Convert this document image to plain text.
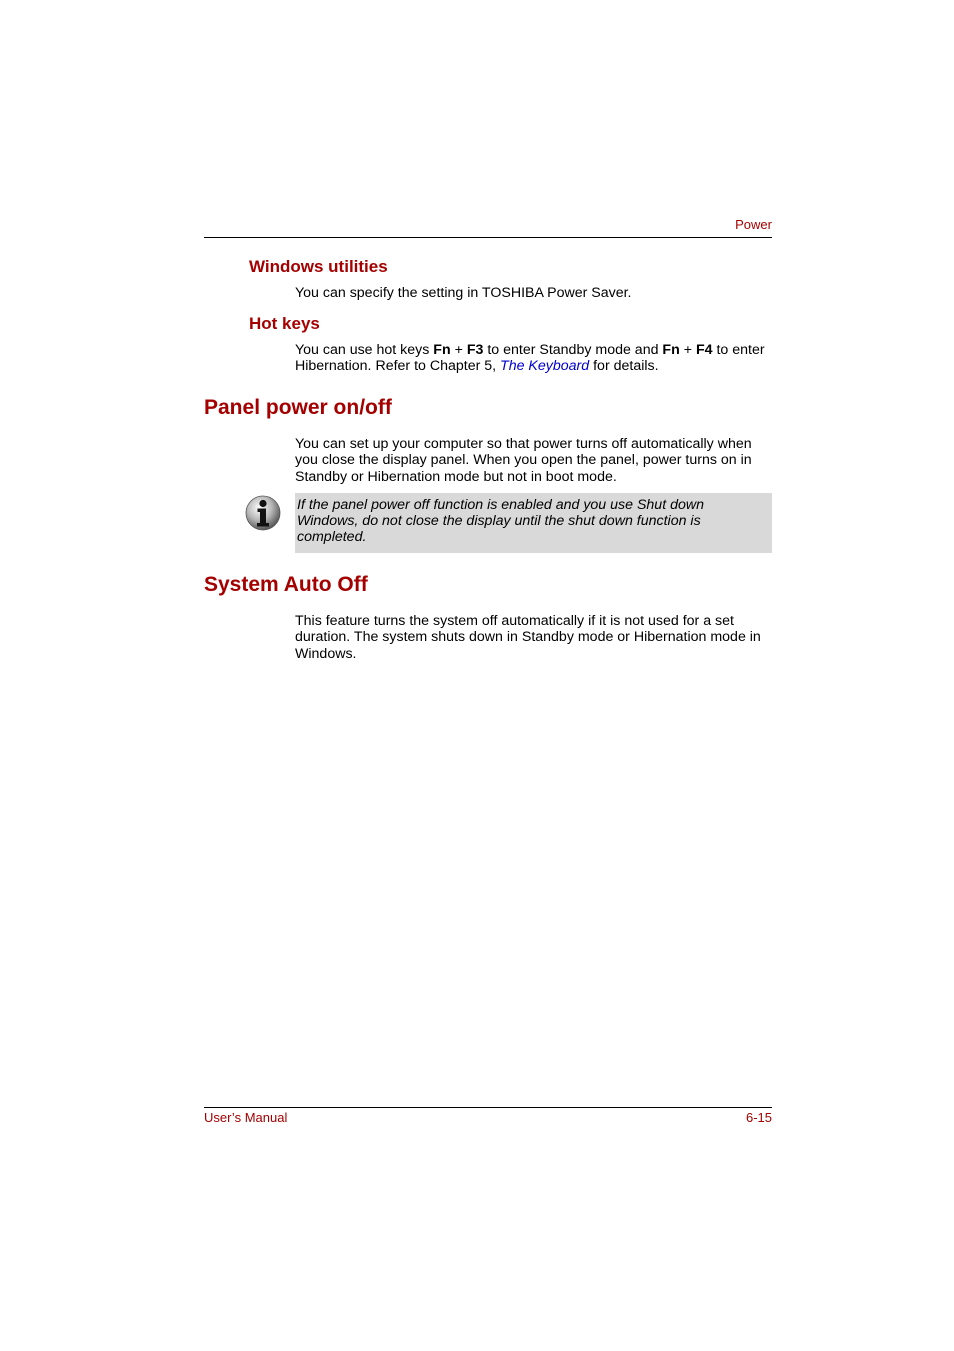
Power
Windows utilities

You can specify the setting in TOSHIBA Power Saver.

Hot keys

You can use hot keys Fn + F3 to enter Standby mode and Fn + F4 to enter Hibernation. Refer to Chapter 5, The Keyboard for details.

Panel power on/off

You can set up your computer so that power turns off automatically when you close the display panel. When you open the panel, power turns on in Standby or Hibernation mode but not in boot mode.

If the panel power off function is enabled and you use Shut down Windows, do not close the display until the shut down function is completed.

System Auto Off

This feature turns the system off automatically if it is not used for a set duration. The system shuts down in Standby mode or Hibernation mode in Windows.

User’s Manual	6-15
